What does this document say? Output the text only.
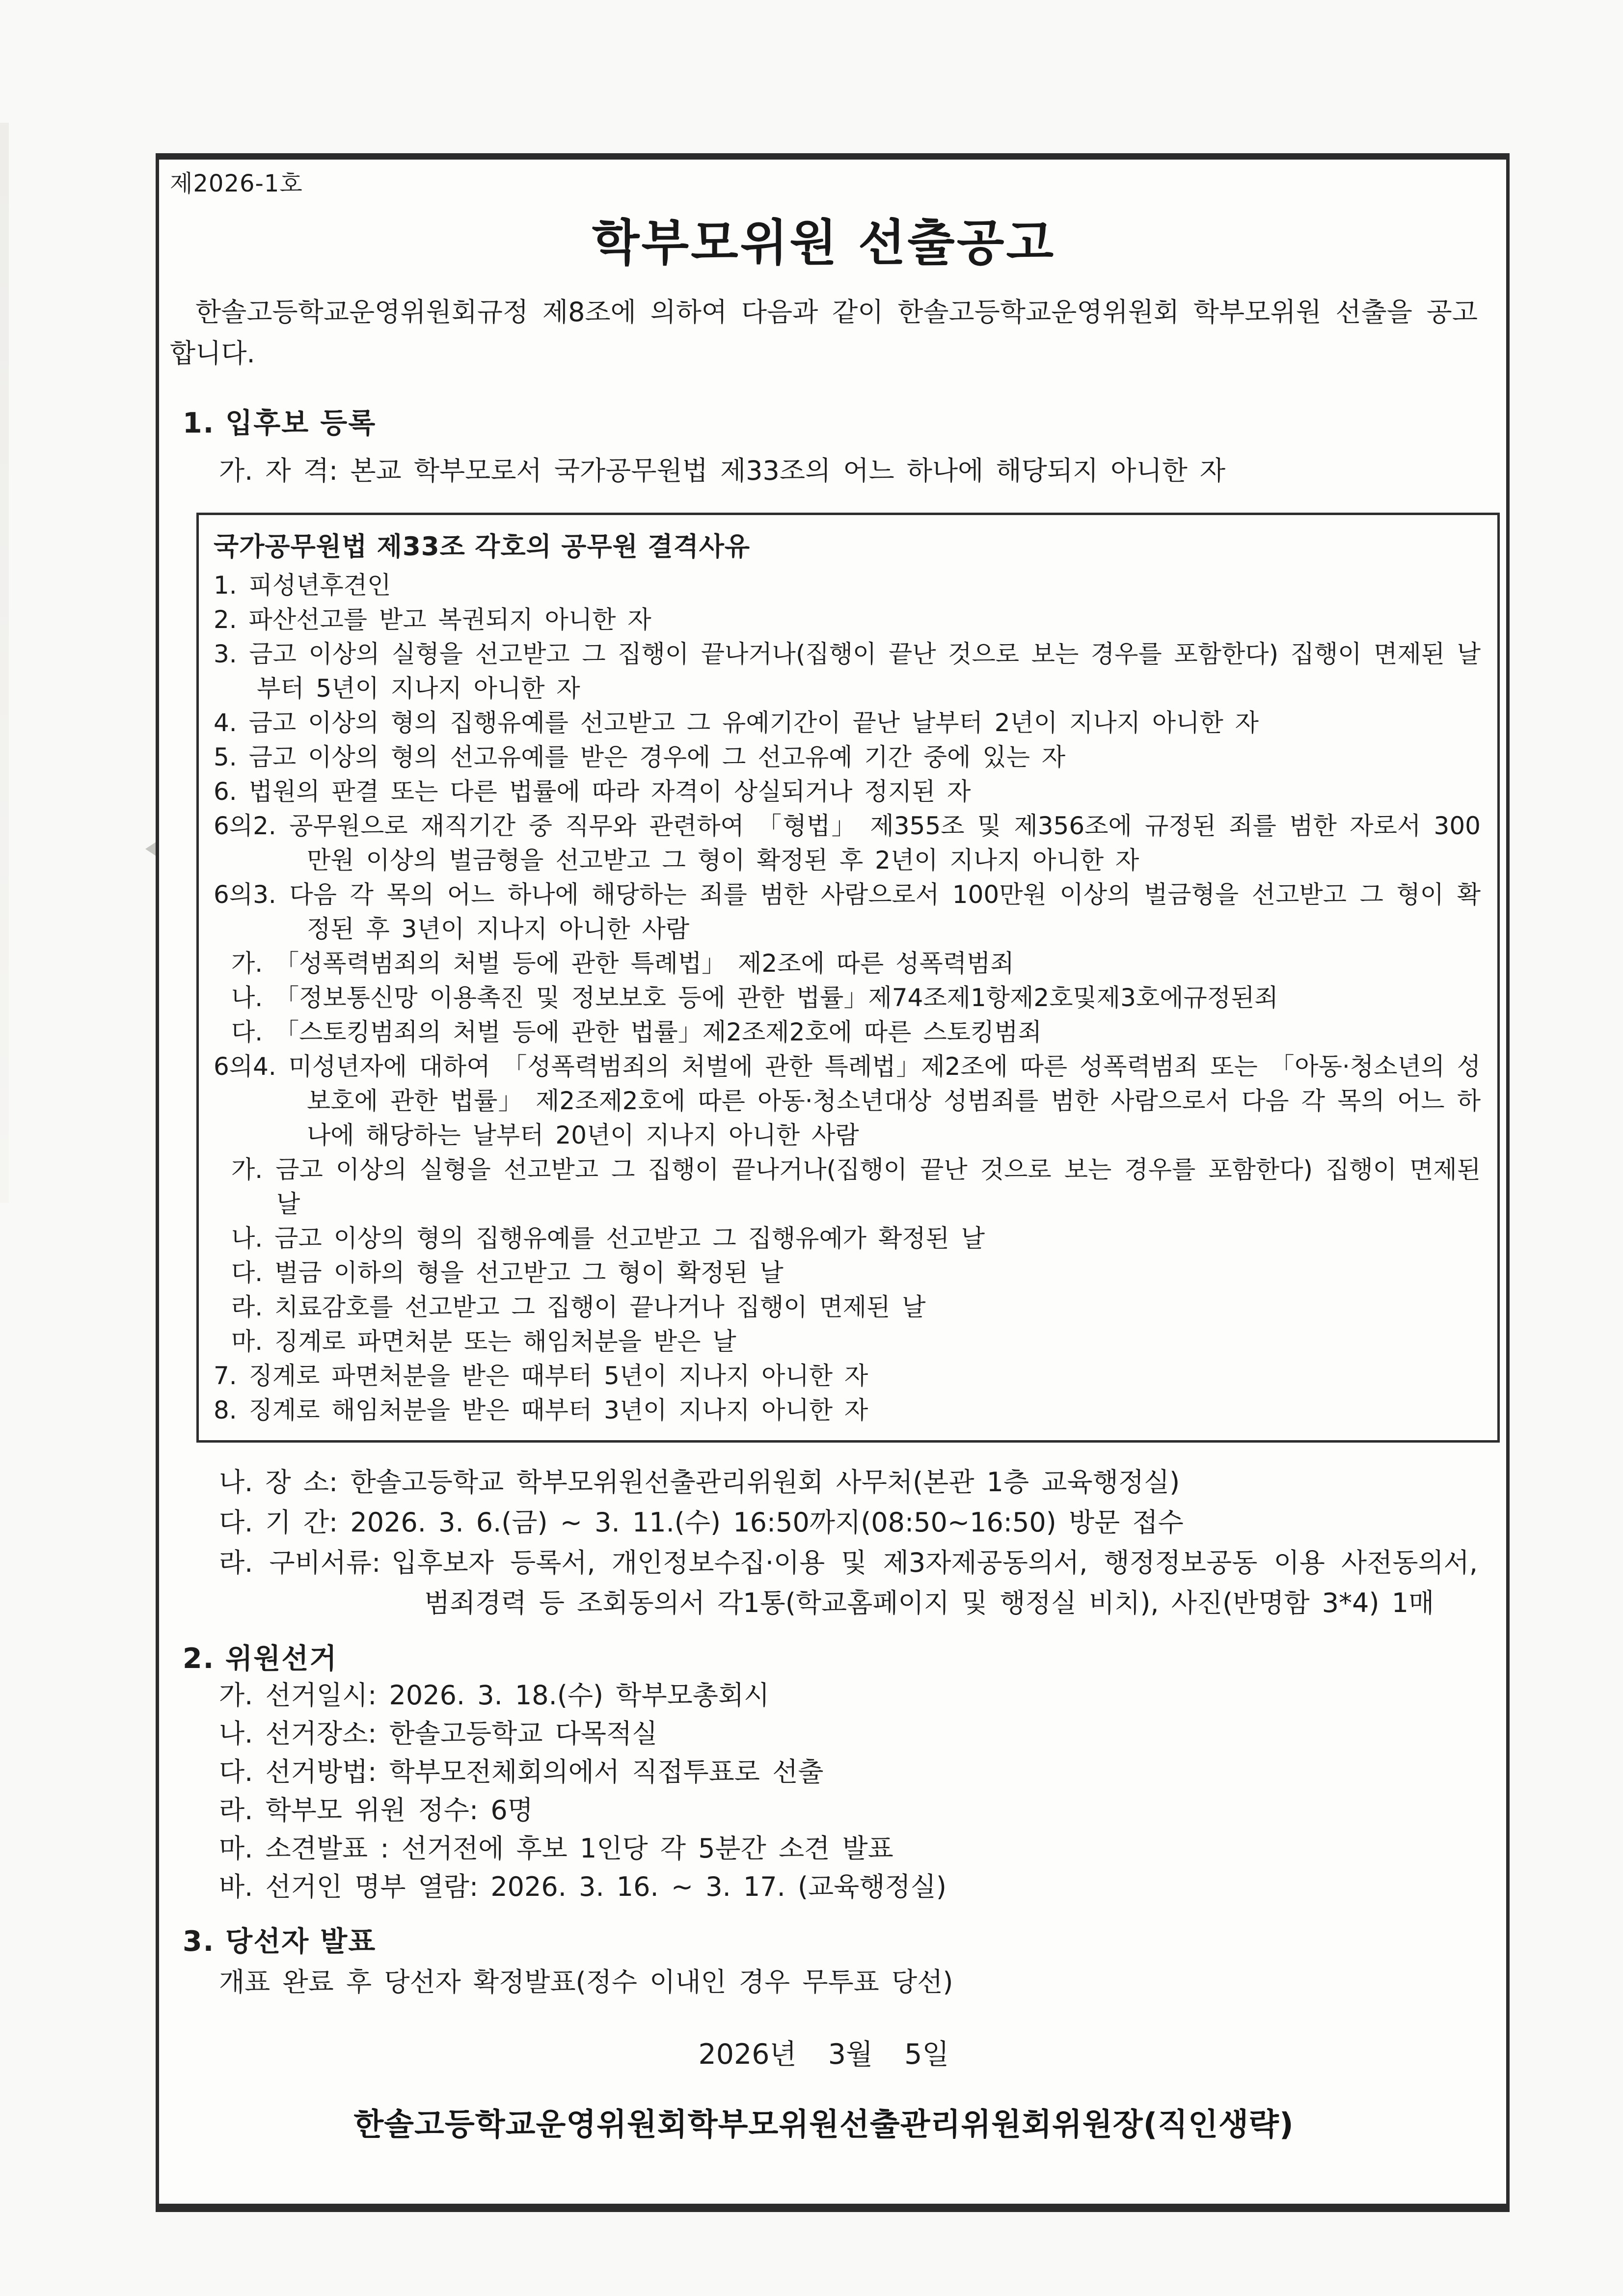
제2026-1호
학부모위원 선출공고

한솔고등학교운영위원회규정 제8조에 의하여 다음과 같이 한솔고등학교운영위원회 학부모위원 선출을 공고합니다.

1. 입후보 등록
가. 자 격: 본교 학부모로서 국가공무원법 제33조의 어느 하나에 해당되지 아니한 자
국가공무원법 제33조 각호의 공무원 결격사유
1. 피성년후견인
2. 파산선고를 받고 복권되지 아니한 자
3. 금고 이상의 실형을 선고받고 그 집행이 끝나거나(집행이 끝난 것으로 보는 경우를 포함한다) 집행이 면제된 날부터 5년이 지나지 아니한 자
4. 금고 이상의 형의 집행유예를 선고받고 그 유예기간이 끝난 날부터 2년이 지나지 아니한 자
5. 금고 이상의 형의 선고유예를 받은 경우에 그 선고유예 기간 중에 있는 자
6. 법원의 판결 또는 다른 법률에 따라 자격이 상실되거나 정지된 자
6의2. 공무원으로 재직기간 중 직무와 관련하여 「형법」 제355조 및 제356조에 규정된 죄를 범한 자로서 300만원 이상의 벌금형을 선고받고 그 형이 확정된 후 2년이 지나지 아니한 자
6의3. 다음 각 목의 어느 하나에 해당하는 죄를 범한 사람으로서 100만원 이상의 벌금형을 선고받고 그 형이 확정된 후 3년이 지나지 아니한 사람
가. 「성폭력범죄의 처벌 등에 관한 특례법」 제2조에 따른 성폭력범죄
나. 「정보통신망 이용촉진 및 정보보호 등에 관한 법률」제74조제1항제2호및제3호에규정된죄
다. 「스토킹범죄의 처벌 등에 관한 법률」제2조제2호에 따른 스토킹범죄
6의4. 미성년자에 대하여 「성폭력범죄의 처벌에 관한 특례법」제2조에 따른 성폭력범죄 또는 「아동·청소년의 성보호에 관한 법률」 제2조제2호에 따른 아동·청소년대상 성범죄를 범한 사람으로서 다음 각 목의 어느 하나에 해당하는 날부터 20년이 지나지 아니한 사람
가. 금고 이상의 실형을 선고받고 그 집행이 끝나거나(집행이 끝난 것으로 보는 경우를 포함한다) 집행이 면제된 날
나. 금고 이상의 형의 집행유예를 선고받고 그 집행유예가 확정된 날
다. 벌금 이하의 형을 선고받고 그 형이 확정된 날
라. 치료감호를 선고받고 그 집행이 끝나거나 집행이 면제된 날
마. 징계로 파면처분 또는 해임처분을 받은 날
7. 징계로 파면처분을 받은 때부터 5년이 지나지 아니한 자
8. 징계로 해임처분을 받은 때부터 3년이 지나지 아니한 자
나. 장 소: 한솔고등학교 학부모위원선출관리위원회 사무처(본관 1층 교육행정실)
다. 기 간: 2026. 3. 6.(금) ~ 3. 11.(수) 16:50까지(08:50~16:50) 방문 접수
라. 구비서류: 입후보자 등록서, 개인정보수집·이용 및 제3자제공동의서, 행정정보공동 이용 사전동의서, 범죄경력 등 조회동의서 각1통(학교홈페이지 및 행정실 비치), 사진(반명함 3*4) 1매
2. 위원선거
가. 선거일시: 2026. 3. 18.(수) 학부모총회시
나. 선거장소: 한솔고등학교 다목적실
다. 선거방법: 학부모전체회의에서 직접투표로 선출
라. 학부모 위원 정수: 6명
마. 소견발표 : 선거전에 후보 1인당 각 5분간 소견 발표
바. 선거인 명부 열람: 2026. 3. 16. ~ 3. 17. (교육행정실)
3. 당선자 발표
개표 완료 후 당선자 확정발표(정수 이내인 경우 무투표 당선)
2026년 3월 5일
한솔고등학교운영위원회학부모위원선출관리위원회위원장(직인생략)
